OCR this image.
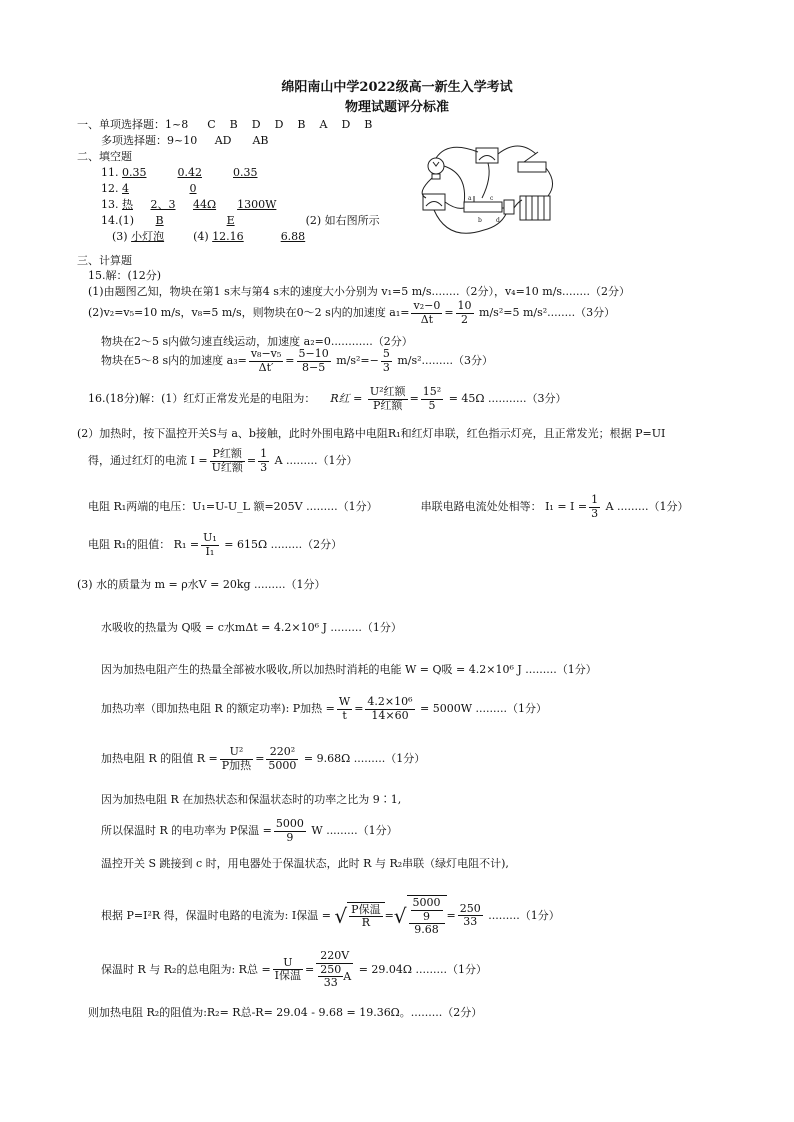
绵阳南山中学2022级高一新生入学考试
物理试题评分标准
一、单项选择题：1~8 C B D D B A D B
多项选择题：9~10 AD AB
二、填空题
11. 0.35	0.42	0.35
12. 4	0
13. 热 2、3 44Ω 1300W
14.(1) B	E	(2) 如右图所示
(3) 小灯泡	(4) 12.16	6.88
a
b
c
d
三、计算题
15.解：(12分)
(1)由题图乙知，物块在第1 s末与第4 s末的速度大小分别为 v₁=5 m/s........（2分），v₄=10 m/s........（2分）
(2)v₂=v₅=10 m/s，v₈=5 m/s，则物块在0～2 s内的加速度 $a_1= \frac{\text{v₂−0}}{\Delta t} = \frac{10}{2} m/s^2=5$ m/s²........（3分）
物块在2～5 s内做匀速直线运动，加速度 a₂=0............（2分）
物块在5～8 s内的加速度 $a_3= \frac{\text{v₈−v₅}}{\Delta t'} = \frac{5-10}{8-5} m/s^2=- \frac{5}{3} m/s^2.........(3$分）
16.(18分)解：(1）红灯正常发光是的电阻为： R红 = $\frac{\text{U²红额}}{\text{P红额}} = \frac{\text{15²}}{5} = 45\Omega$ ...........（3分）
(2）加热时，按下温控开关S与 a、b接触，此时外围电路中电阻R₁和红灯串联，红色指示灯亮，且正常发光；根据 P=UI
得，通过红灯的电流 $I = \frac{\text{P红额}}{\text{U红额}} = \frac{1}{3}$ A .........（1分）
电阻 R₁两端的电压：U₁=U-U_L 额=205V .........（1分）	串联电路电流处处相等： $I_1 = I = \frac{1}{3}$ A .........（1分）
电阻 R₁的阻值： $R_1 = \frac{\text{U₁}}{\text{I₁}} = 615\Omega$ .........（2分）
(3) 水的质量为 m = ρ水V = 20kg .........（1分）
水吸收的热量为 Q吸 = c水mΔt = 4.2×10⁶ J .........（1分）
因为加热电阻产生的热量全部被水吸收,所以加热时消耗的电能 W = Q吸 = 4.2×10⁶ J .........（1分）
加热功率（即加热电阻 R 的额定功率): P加热 = $\frac{W}{t} = \frac{\text{4.2×10⁶}}{14\times 60} = 5000W$ .........（1分）
加热电阻 R 的阻值 $R = \frac{\text{U²}}{\text{P加热}} = \frac{\text{220²}}{5000} = 9.68\Omega$ .........（1分）
因为加热电阻 R 在加热状态和保温状态时的功率之比为 9∶1,
所以保温时 R 的电功率为 P保温 = $\frac{5000}{9}$ W .........（1分）
温控开关 S 跳接到 c 时，用电器处于保温状态，此时 R 与 R₂串联（绿灯电阻不计),
根据 P=I²R 得，保温时电路的电流为: I保温 = √ $\frac{\text{P保温}}{R}$ =√ $\frac{\frac{5000}{9}}{9.68} = \frac{250}{33} .........(1$分）
保温时 R 与 R₂的总电阻为: R总 = $\frac{U}{\text{I保温}} = \frac{220V}{\frac{250}{33} A} = 29.04\Omega$ .........（1分）
则加热电阻 R₂的阻值为:R₂= R总-R= 29.04 - 9.68 = 19.36Ω。.........（2分）
